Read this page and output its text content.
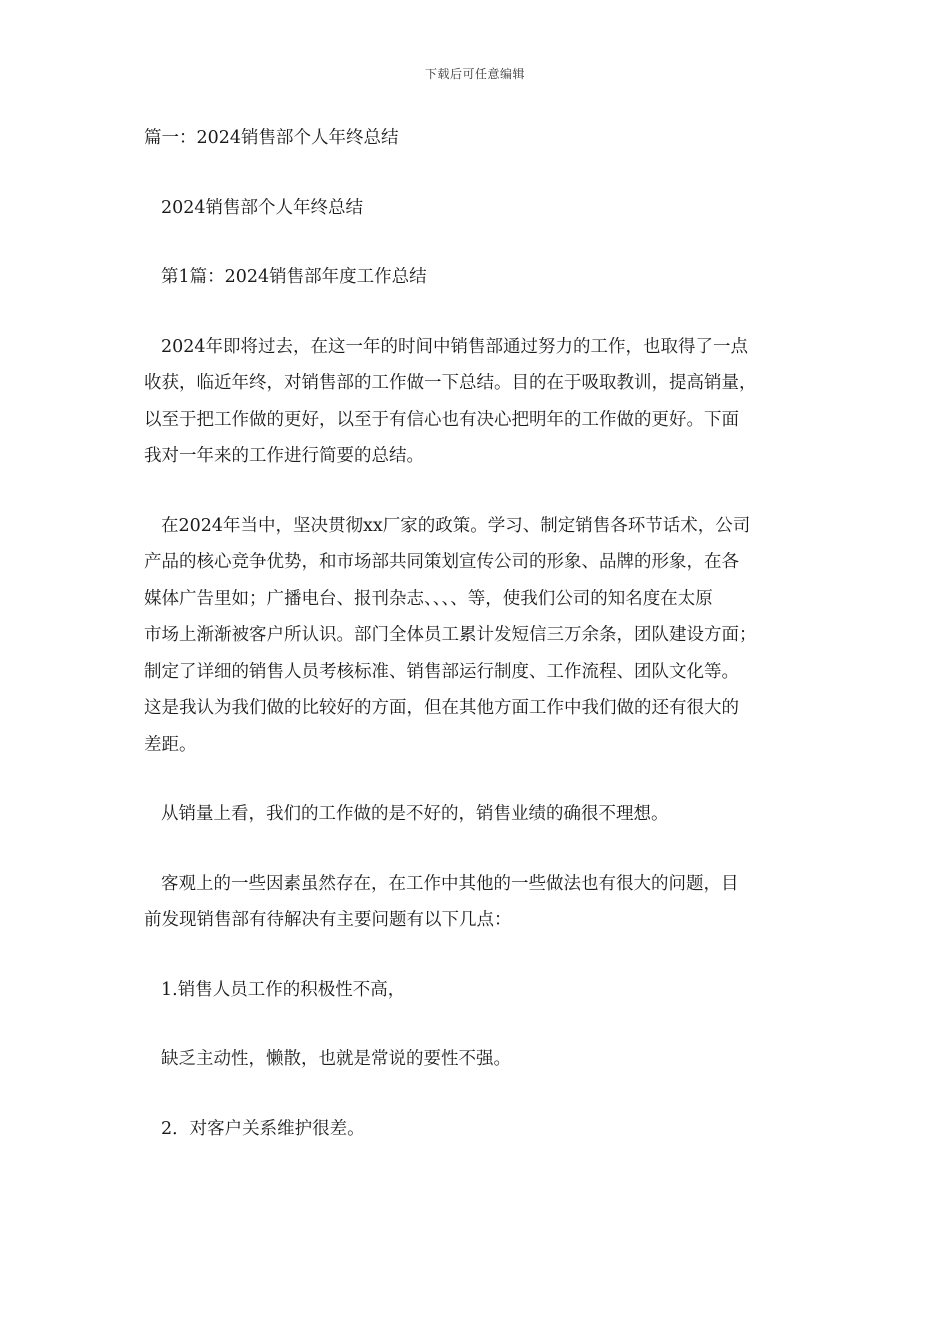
下载后可任意编辑

篇一：2024销售部个人年终总结

2024销售部个人年终总结

第1篇：2024销售部年度工作总结

2024年即将过去，在这一年的时间中销售部通过努力的工作，也取得了一点

收获，临近年终，对销售部的工作做一下总结。目的在于吸取教训，提高销量，

以至于把工作做的更好，以至于有信心也有决心把明年的工作做的更好。下面

我对一年来的工作进行简要的总结。

在2024年当中，坚决贯彻xx厂家的政策。学习、制定销售各环节话术，公司

产品的核心竞争优势，和市场部共同策划宣传公司的形象、品牌的形象，在各

媒体广告里如；广播电台、报刊杂志、、、、等，使我们公司的知名度在太原

市场上渐渐被客户所认识。部门全体员工累计发短信三万余条，团队建设方面；

制定了详细的销售人员考核标准、销售部运行制度、工作流程、团队文化等。

这是我认为我们做的比较好的方面，但在其他方面工作中我们做的还有很大的

差距。

从销量上看，我们的工作做的是不好的，销售业绩的确很不理想。

客观上的一些因素虽然存在，在工作中其他的一些做法也有很大的问题，目

前发现销售部有待解决有主要问题有以下几点：

1.销售人员工作的积极性不高，

缺乏主动性，懒散，也就是常说的要性不强。

2．对客户关系维护很差。
